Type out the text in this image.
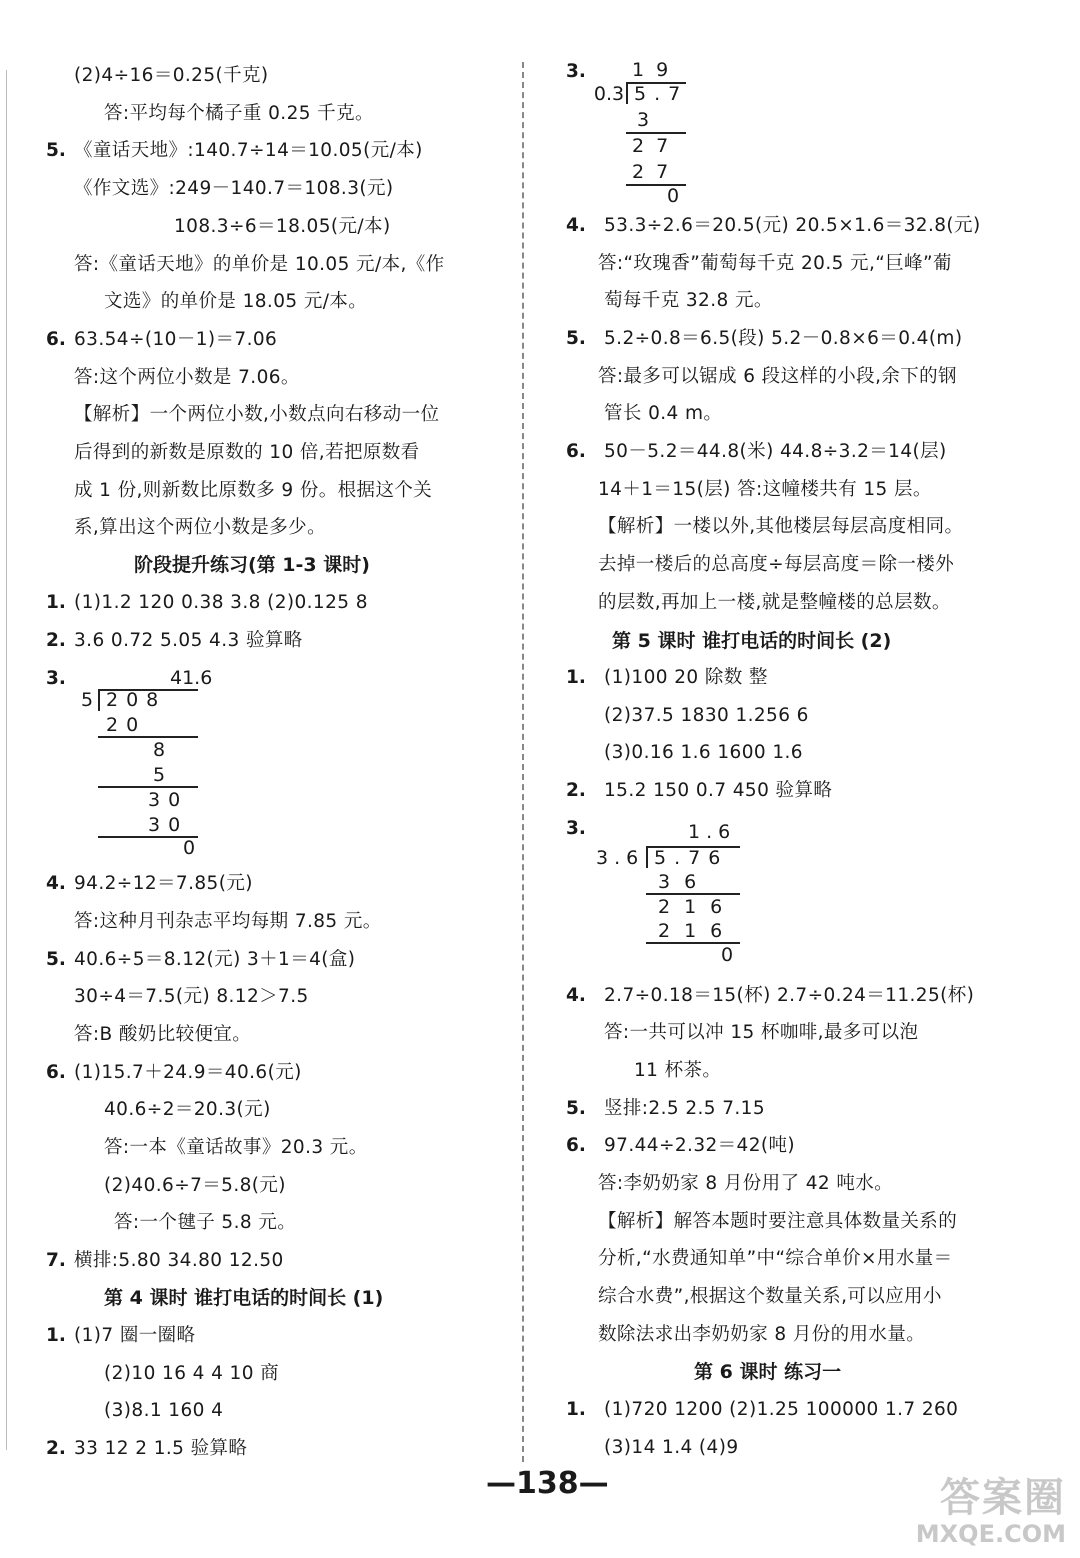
(2)4÷16＝0.25(千克)
答:平均每个橘子重 0.25 千克。
《童话天地》:140.7÷14＝10.05(元/本)
《作文选》:249－140.7＝108.3(元)
108.3÷6＝18.05(元/本)
答:《童话天地》的单价是 10.05 元/本,《作
文选》的单价是 18.05 元/本。
63.54÷(10－1)＝7.06
答:这个两位小数是 7.06。
【解析】一个两位小数,小数点向右移动一位
后得到的新数是原数的 10 倍,若把原数看
成 1 份,则新数比原数多 9 份。根据这个关
系,算出这个两位小数是多少。
(1)1.2 120 0.38 3.8 (2)0.125 8
3.6 0.72 5.05 4.3 验算略
94.2÷12＝7.85(元)
答:这种月刊杂志平均每期 7.85 元。
40.6÷5＝8.12(元) 3＋1＝4(盒)
30÷4＝7.5(元) 8.12＞7.5
答:B 酸奶比较便宜。
(1)15.7＋24.9＝40.6(元)
40.6÷2＝20.3(元)
答:一本《童话故事》20.3 元。
(2)40.6÷7＝5.8(元)
答:一个毽子 5.8 元。
横排:5.80 34.80 12.50
(1)7 圈一圈略
(2)10 16 4 4 10 商
(3)8.1 160 4
33 12 2 1.5 验算略
5.
6.
1.
2.
3.
4.
5.
6.
7.
1.
2.
阶段提升练习(第 1-3 课时)
第 4 课时 谁打电话的时间长 (1)
53.3÷2.6＝20.5(元) 20.5×1.6＝32.8(元)
答:“玫瑰香”葡萄每千克 20.5 元,“巨峰”葡
萄每千克 32.8 元。
5.2÷0.8＝6.5(段) 5.2－0.8×6＝0.4(m)
答:最多可以锯成 6 段这样的小段,余下的钢
管长 0.4 m。
50－5.2＝44.8(米) 44.8÷3.2＝14(层)
14＋1＝15(层) 答:这幢楼共有 15 层。
【解析】一楼以外,其他楼层每层高度相同。
去掉一楼后的总高度÷每层高度＝除一楼外
的层数,再加上一楼,就是整幢楼的总层数。
(1)100 20 除数 整
(2)37.5 1830 1.256 6
(3)0.16 1.6 1600 1.6
15.2 150 0.7 450 验算略
2.7÷0.18＝15(杯) 2.7÷0.24＝11.25(杯)
答:一共可以冲 15 杯咖啡,最多可以泡
11 杯茶。
竖排:2.5 2.5 7.15
97.44÷2.32＝42(吨)
答:李奶奶家 8 月份用了 42 吨水。
【解析】解答本题时要注意具体数量关系的
分析,“水费通知单”中“综合单价×用水量＝
综合水费”,根据这个数量关系,可以应用小
数除法求出李奶奶家 8 月份的用水量。
(1)720 1200 (2)1.25 100000 1.7 260
(3)14 1.4 (4)9
3.
4.
5.
6.
1.
2.
3.
4.
5.
6.
1.
第 5 课时 谁打电话的时间长 (2)
第 6 课时 练习一
41.6
5 208
20
8
5
30
30
0
19
0.3 5.7
3
27
27
0
1.6
3.6 5.76
36
216
216
0
—138—	答案圈
MXQE.COM
